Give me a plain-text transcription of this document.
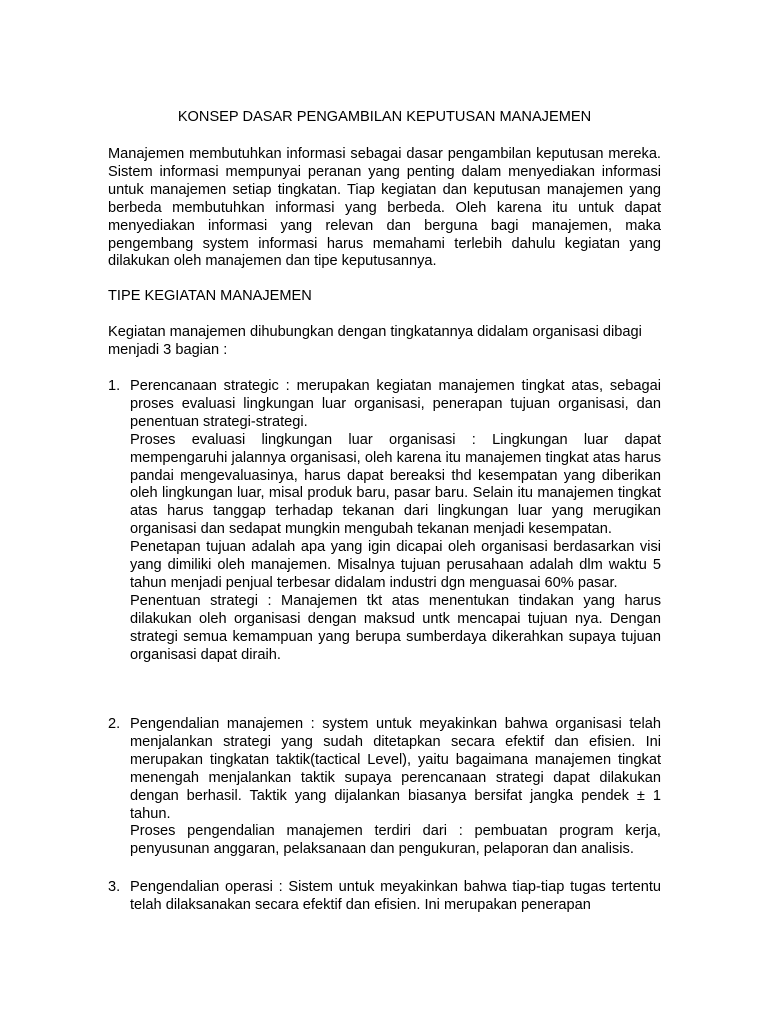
KONSEP DASAR PENGAMBILAN KEPUTUSAN MANAJEMEN

Manajemen membutuhkan informasi sebagai dasar pengambilan keputusan mereka. Sistem informasi mempunyai peranan yang penting dalam menyediakan informasi untuk manajemen setiap tingkatan. Tiap kegiatan dan keputusan manajemen yang berbeda membutuhkan informasi yang berbeda. Oleh karena itu untuk dapat menyediakan informasi yang relevan dan berguna bagi manajemen, maka pengembang system informasi harus memahami terlebih dahulu kegiatan yang dilakukan oleh manajemen dan tipe keputusannya.

TIPE KEGIATAN MANAJEMEN

Kegiatan manajemen dihubungkan dengan tingkatannya didalam organisasi dibagi menjadi 3 bagian :

1. Perencanaan strategic : merupakan kegiatan manajemen tingkat atas, sebagai proses evaluasi lingkungan luar organisasi, penerapan tujuan organisasi, dan penentuan strategi-strategi.

Proses evaluasi lingkungan luar organisasi : Lingkungan luar dapat mempengaruhi jalannya organisasi, oleh karena itu manajemen tingkat atas harus pandai mengevaluasinya, harus dapat bereaksi thd kesempatan yang diberikan oleh lingkungan luar, misal produk baru, pasar baru. Selain itu manajemen tingkat atas harus tanggap terhadap tekanan dari lingkungan luar yang merugikan organisasi dan sedapat mungkin mengubah tekanan menjadi kesempatan.

Penetapan tujuan adalah apa yang igin dicapai oleh organisasi berdasarkan visi yang dimiliki oleh manajemen. Misalnya tujuan perusahaan adalah dlm waktu 5 tahun menjadi penjual terbesar didalam industri dgn menguasai 60% pasar.

Penentuan strategi : Manajemen tkt atas menentukan tindakan yang harus dilakukan oleh organisasi dengan maksud untk mencapai tujuan nya. Dengan strategi semua kemampuan yang berupa sumberdaya dikerahkan supaya tujuan organisasi dapat diraih.

2. Pengendalian manajemen : system untuk meyakinkan bahwa organisasi telah menjalankan strategi yang sudah ditetapkan secara efektif dan efisien. Ini merupakan tingkatan taktik(tactical Level), yaitu bagaimana manajemen tingkat menengah menjalankan taktik supaya perencanaan strategi dapat dilakukan dengan berhasil. Taktik yang dijalankan biasanya bersifat jangka pendek ± 1 tahun.

Proses pengendalian manajemen terdiri dari : pembuatan program kerja, penyusunan anggaran, pelaksanaan dan pengukuran, pelaporan dan analisis.

3. Pengendalian operasi : Sistem untuk meyakinkan bahwa tiap-tiap tugas tertentu telah dilaksanakan secara efektif dan efisien. Ini merupakan penerapan
